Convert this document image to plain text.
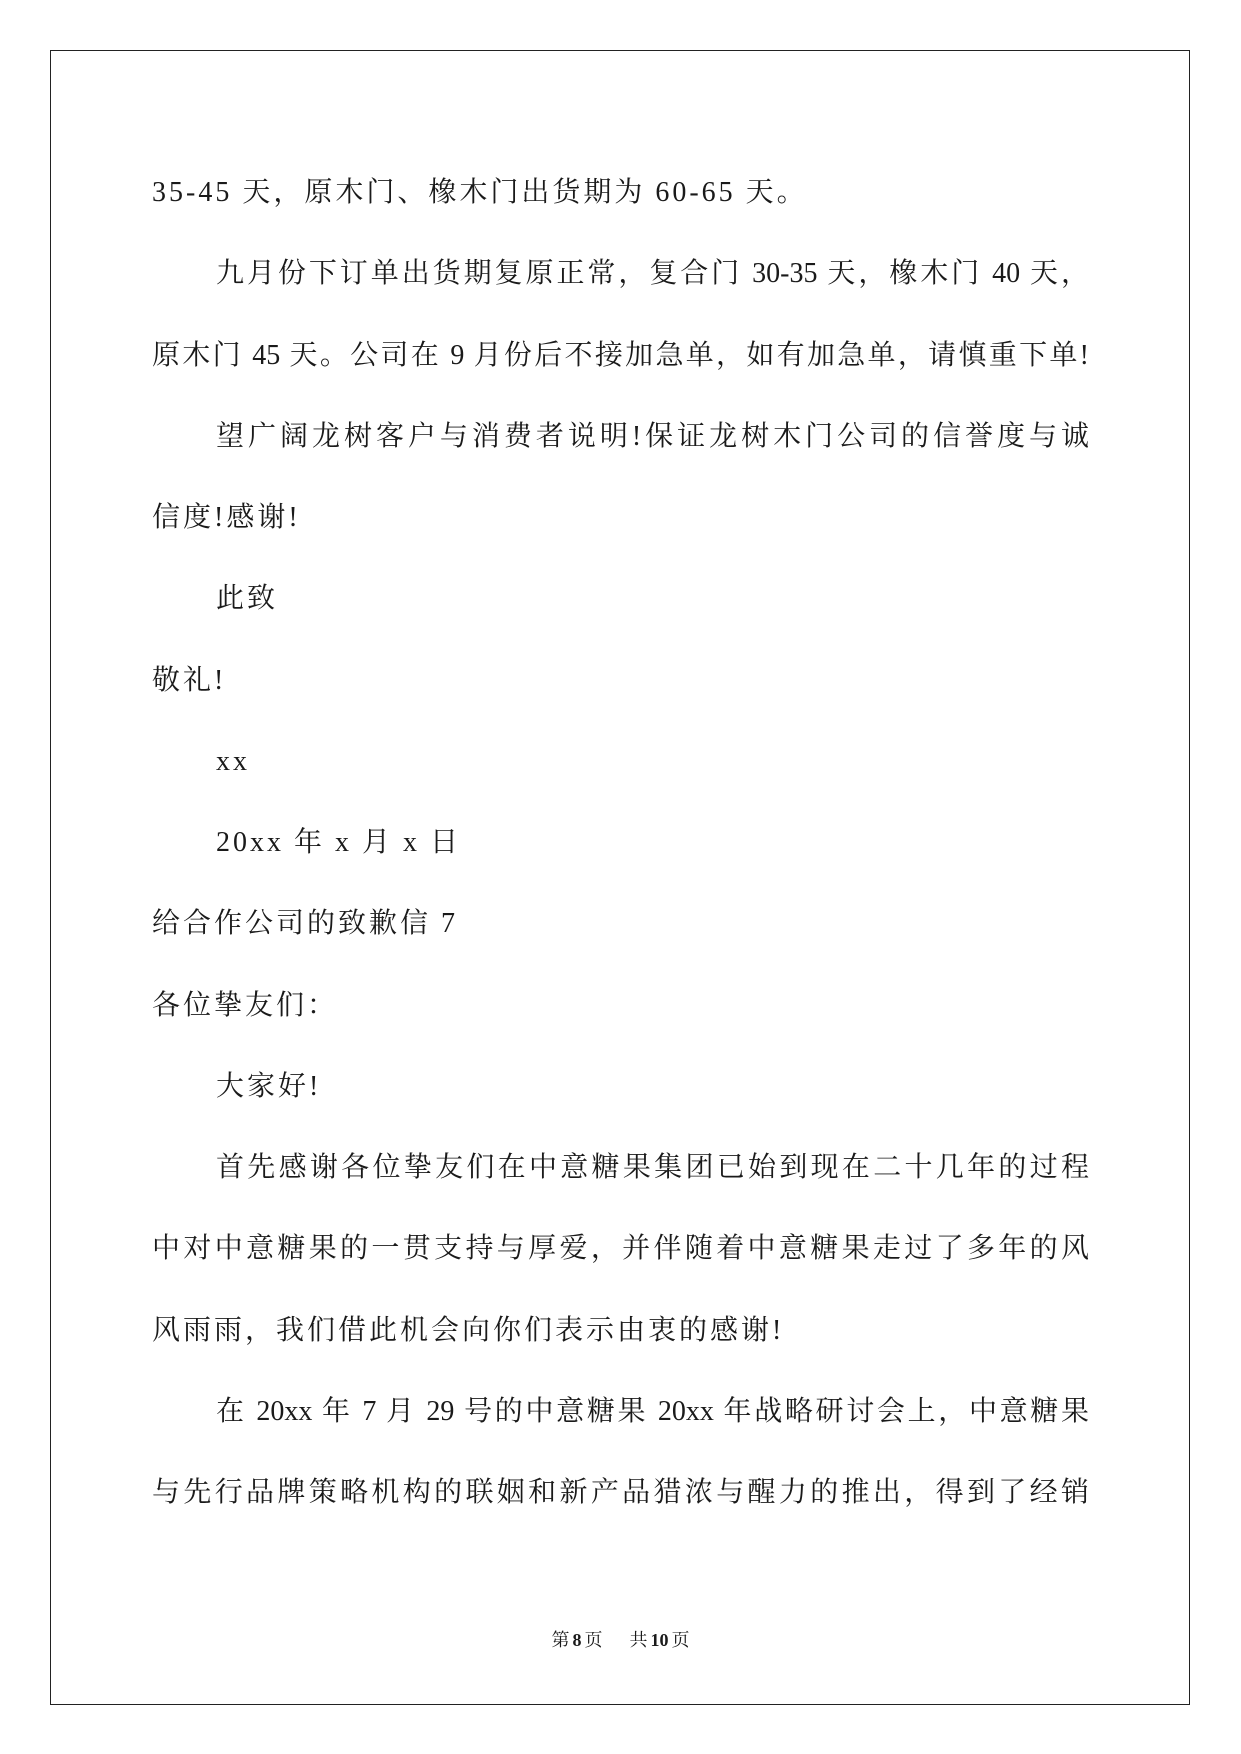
35-45 天，原木门、橡木门出货期为 60-65 天。
九月份下订单出货期复原正常，复合门 30-35 天，橡木门 40 天，
原木门 45 天。公司在 9 月份后不接加急单，如有加急单，请慎重下单!
望广阔龙树客户与消费者说明!保证龙树木门公司的信誉度与诚
信度!感谢!
此致
敬礼!
xx
20xx 年 x 月 x 日
给合作公司的致歉信 7
各位挚友们：
大家好!
首先感谢各位挚友们在中意糖果集团已始到现在二十几年的过程
中对中意糖果的一贯支持与厚爱，并伴随着中意糖果走过了多年的风
风雨雨，我们借此机会向你们表示由衷的感谢!
在 20xx 年 7 月 29 号的中意糖果 20xx 年战略研讨会上，中意糖果
与先行品牌策略机构的联姻和新产品猎浓与醒力的推出，得到了经销
第 8 页 共 10 页
